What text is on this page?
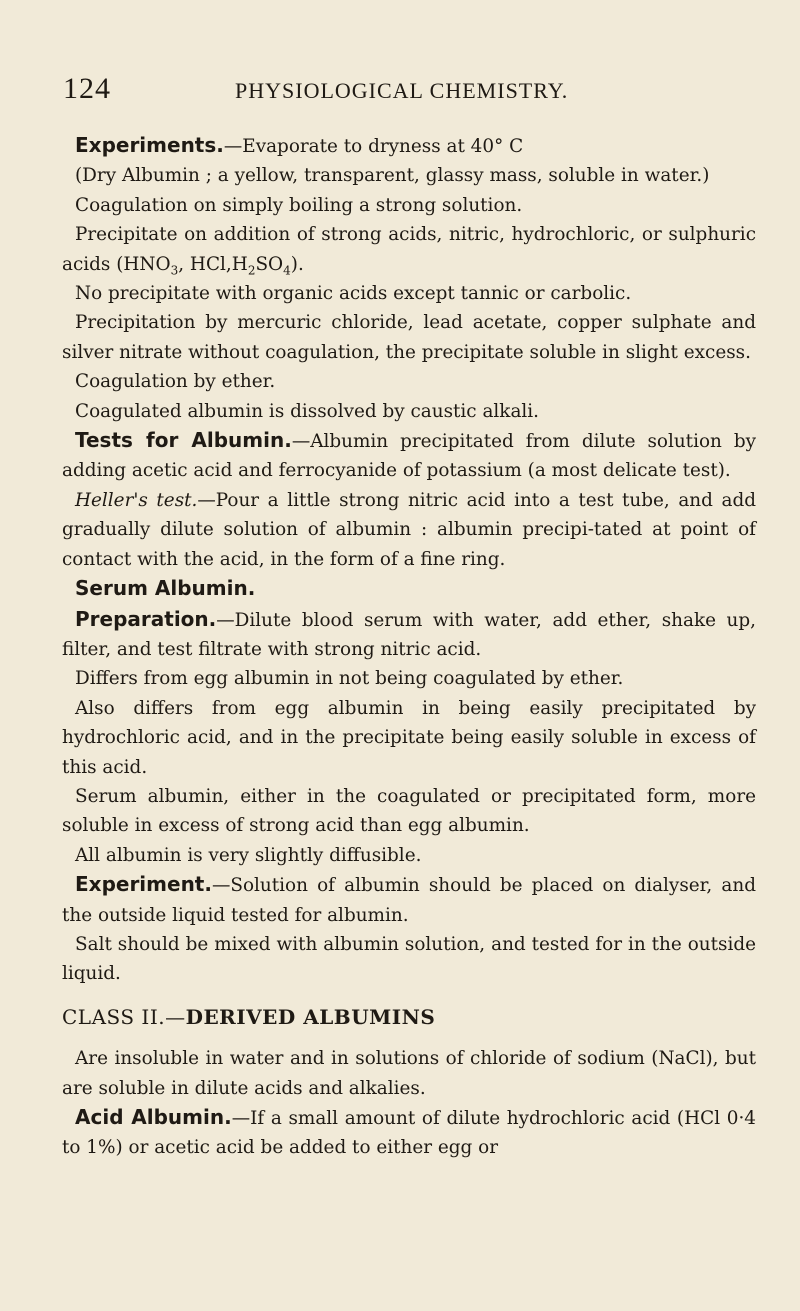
124	PHYSIOLOGICAL CHEMISTRY.

Experiments.—Evaporate to dryness at 40° C

(Dry Albumin ; a yellow, transparent, glassy mass, soluble in water.)

Coagulation on simply boiling a strong solution.

Precipitate on addition of strong acids, nitric, hydrochloric, or sulphuric acids ($HNO_3$, $HCl,H_2SO_4$).

No precipitate with organic acids except tannic or carbolic.

Precipitation by mercuric chloride, lead acetate, copper sulphate and silver nitrate without coagulation, the precipitate soluble in slight excess.

Coagulation by ether.

Coagulated albumin is dissolved by caustic alkali.

Tests for Albumin.—Albumin precipitated from dilute solution by adding acetic acid and ferrocyanide of potassium (a most delicate test).

Heller's test.—Pour a little strong nitric acid into a test tube, and add gradually dilute solution of albumin : albumin precipi-tated at point of contact with the acid, in the form of a fine ring.

Serum Albumin.

Preparation.—Dilute blood serum with water, add ether, shake up, filter, and test filtrate with strong nitric acid.

Differs from egg albumin in not being coagulated by ether.

Also differs from egg albumin in being easily precipitated by hydrochloric acid, and in the precipitate being easily soluble in excess of this acid.

Serum albumin, either in the coagulated or precipitated form, more soluble in excess of strong acid than egg albumin.

All albumin is very slightly diffusible.

Experiment.—Solution of albumin should be placed on dialyser, and the outside liquid tested for albumin.

Salt should be mixed with albumin solution, and tested for in the outside liquid.

CLASS II.—DERIVED ALBUMINS

Are insoluble in water and in solutions of chloride of sodium (NaCl), but are soluble in dilute acids and alkalies.

Acid Albumin.—If a small amount of dilute hydrochloric acid (HCl 0·4 to 1%) or acetic acid be added to either egg or
